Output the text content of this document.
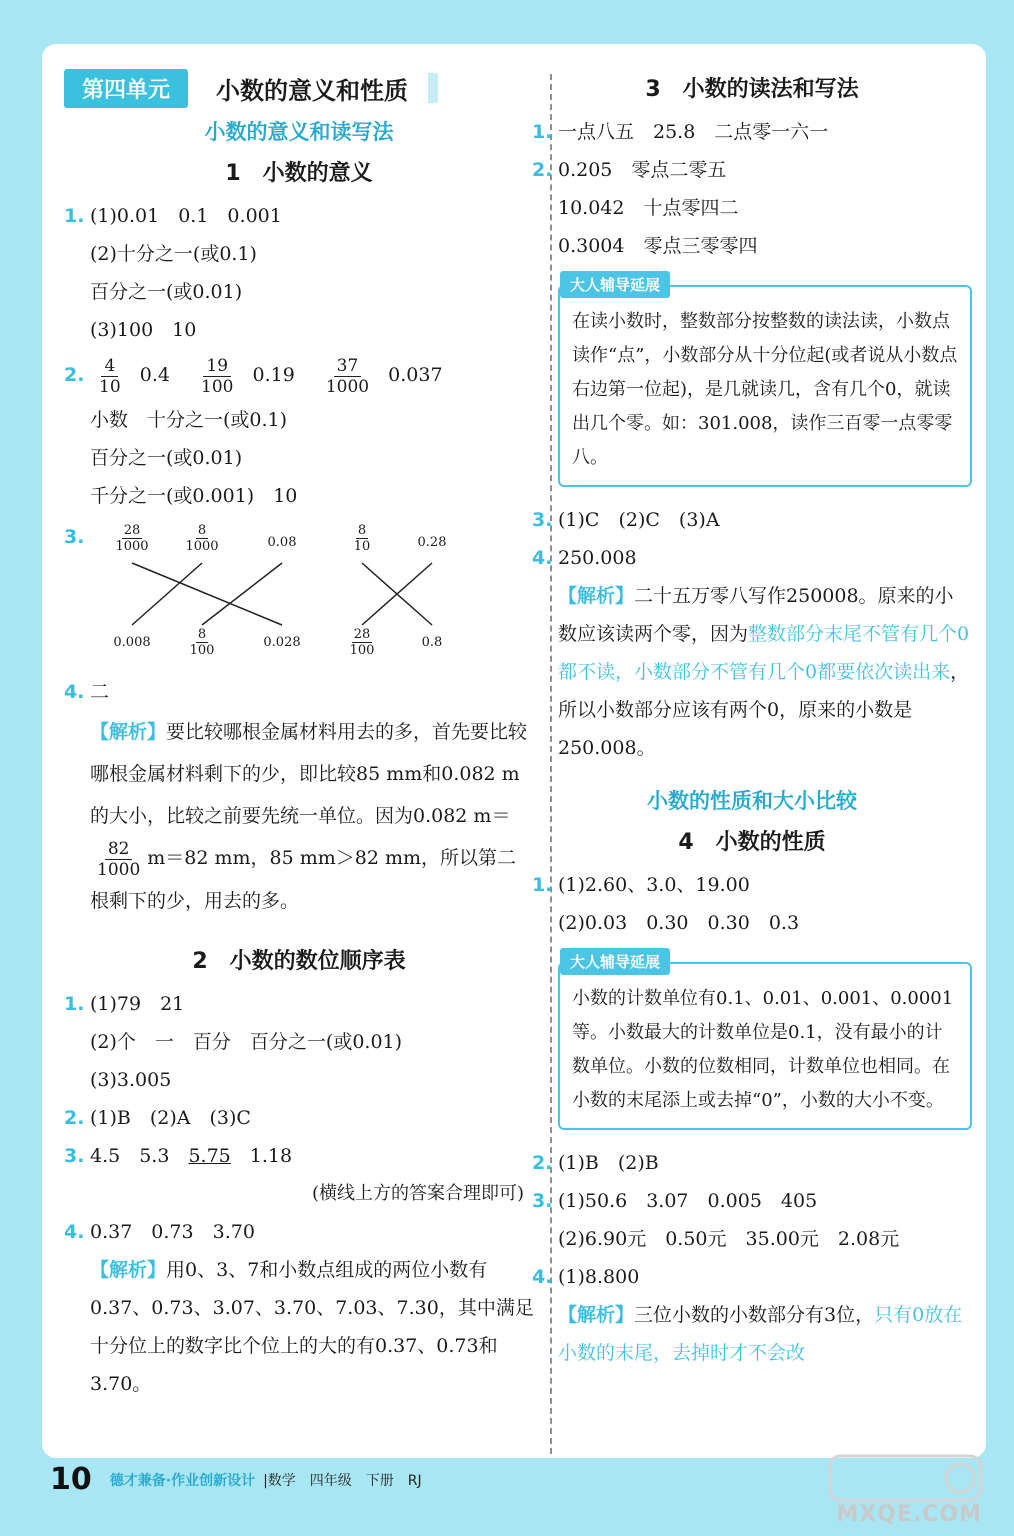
第四单元	小数的意义和性质
小数的意义和读写法
1　小数的意义
1. (1)0.01　0.1　0.001
(2)十分之一(或0.1)
百分之一(或0.01)
(3)100　10
2. $\frac{4}{10} 0.4 \frac{19}{100} 0.19 \frac{37}{1000} 0.037$
小数　十分之一(或0.1)
百分之一(或0.01)
千分之一(或0.001)　10
3.	$\frac{28}{1000}$	$\frac{8}{1000}$	0.08	$\frac{8}{10}$	0.28
0.008	$\frac{8}{100}$	0.028	$\frac{28}{100}$	0.8
4. 二
【解析】要比较哪根金属材料用去的多，首先要比较哪根金属材料剩下的少，即比较85 mm和0.082 m的大小，比较之前要先统一单位。因为0.082 m＝
$\frac{82}{1000} m=82$ mm，85 mm＞82 mm，所以第二根剩下的少，用去的多。
2　小数的数位顺序表
1. (1)79　21
(2)个　一　百分　百分之一(或0.01)
(3)3.005
2. (1)B　(2)A　(3)C
3. 4.5　5.3　5.75　1.18
(横线上方的答案合理即可)
4. 0.37　0.73　3.70
【解析】用0、3、7和小数点组成的两位小数有0.37、0.73、3.07、3.70、7.03、7.30，其中满足十分位上的数字比个位上的大的有0.37、0.73和3.70。
3　小数的读法和写法
1. 一点八五　25.8　二点零一六一
2. 0.205　零点二零五
10.042　十点零四二
0.3004　零点三零零四
大人辅导延展
在读小数时，整数部分按整数的读法读，小数点读作“点”，小数部分从十分位起(或者说从小数点右边第一位起)，是几就读几，含有几个0，就读出几个零。如：301.008，读作三百零一点零零八。
3. (1)C　(2)C　(3)A
4. 250.008
【解析】二十五万零八写作250008。原来的小数应该读两个零，因为整数部分末尾不管有几个0都不读，小数部分不管有几个0都要依次读出来，所以小数部分应该有两个0，原来的小数是250.008。
小数的性质和大小比较
4　小数的性质
1. (1)2.60、3.0、19.00
(2)0.03　0.30　0.30　0.3
大人辅导延展
小数的计数单位有0.1、0.01、0.001、0.0001等。小数最大的计数单位是0.1，没有最小的计数单位。小数的位数相同，计数单位也相同。在小数的末尾添上或去掉“0”，小数的大小不变。
2. (1)B　(2)B
3. (1)50.6　3.07　0.005　405
(2)6.90元　0.50元　35.00元　2.08元
4. (1)8.800
【解析】三位小数的小数部分有3位，只有0放在小数的末尾，去掉时才不会改
10 德才兼备·作业创新设计 |数学　四年级　下册　RJ
MXQE.COM
